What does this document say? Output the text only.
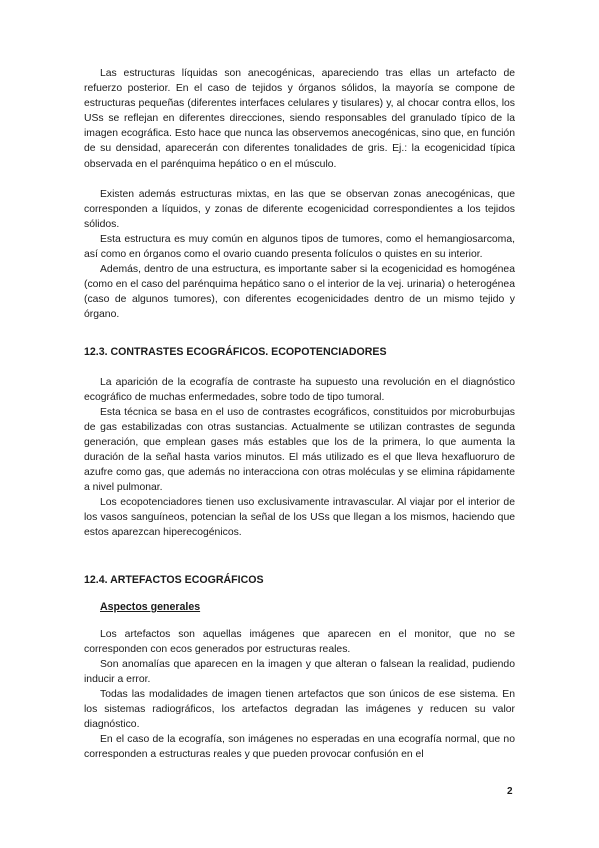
Las estructuras líquidas son anecogénicas, apareciendo tras ellas un artefacto de refuerzo posterior. En el caso de tejidos y órganos sólidos, la mayoría se compone de estructuras pequeñas (diferentes interfaces celulares y tisulares) y, al chocar contra ellos, los USs se reflejan en diferentes direcciones, siendo responsables del granulado típico de la imagen ecográfica. Esto hace que nunca las observemos anecogénicas, sino que, en función de su densidad, aparecerán con diferentes tonalidades de gris. Ej.: la ecogenicidad típica observada en el parénquima hepático o en el músculo.

Existen además estructuras mixtas, en las que se observan zonas anecogénicas, que corresponden a líquidos, y zonas de diferente ecogenicidad correspondientes a los tejidos sólidos.

Esta estructura es muy común en algunos tipos de tumores, como el hemangiosarcoma, así como en órganos como el ovario cuando presenta folículos o quistes en su interior.

Además, dentro de una estructura, es importante saber si la ecogenicidad es homogénea (como en el caso del parénquima hepático sano o el interior de la vej. urinaria) o heterogénea (caso de algunos tumores), con diferentes ecogenicidades dentro de un mismo tejido y órgano.

12.3. CONTRASTES ECOGRÁFICOS. ECOPOTENCIADORES

La aparición de la ecografía de contraste ha supuesto una revolución en el diagnóstico ecográfico de muchas enfermedades, sobre todo de tipo tumoral.

Esta técnica se basa en el uso de contrastes ecográficos, constituidos por microburbujas de gas estabilizadas con otras sustancias. Actualmente se utilizan contrastes de segunda generación, que emplean gases más estables que los de la primera, lo que aumenta la duración de la señal hasta varios minutos. El más utilizado es el que lleva hexafluoruro de azufre como gas, que además no interacciona con otras moléculas y se elimina rápidamente a nivel pulmonar.

Los ecopotenciadores tienen uso exclusivamente intravascular. Al viajar por el interior de los vasos sanguíneos, potencian la señal de los USs que llegan a los mismos, haciendo que estos aparezcan hiperecogénicos.

12.4. ARTEFACTOS ECOGRÁFICOS
Aspectos generales

Los artefactos son aquellas imágenes que aparecen en el monitor, que no se corresponden con ecos generados por estructuras reales.

Son anomalías que aparecen en la imagen y que alteran o falsean la realidad, pudiendo inducir a error.

Todas las modalidades de imagen tienen artefactos que son únicos de ese sistema. En los sistemas radiográficos, los artefactos degradan las imágenes y reducen su valor diagnóstico.

En el caso de la ecografía, son imágenes no esperadas en una ecografía normal, que no corresponden a estructuras reales y que pueden provocar confusión en el

2
